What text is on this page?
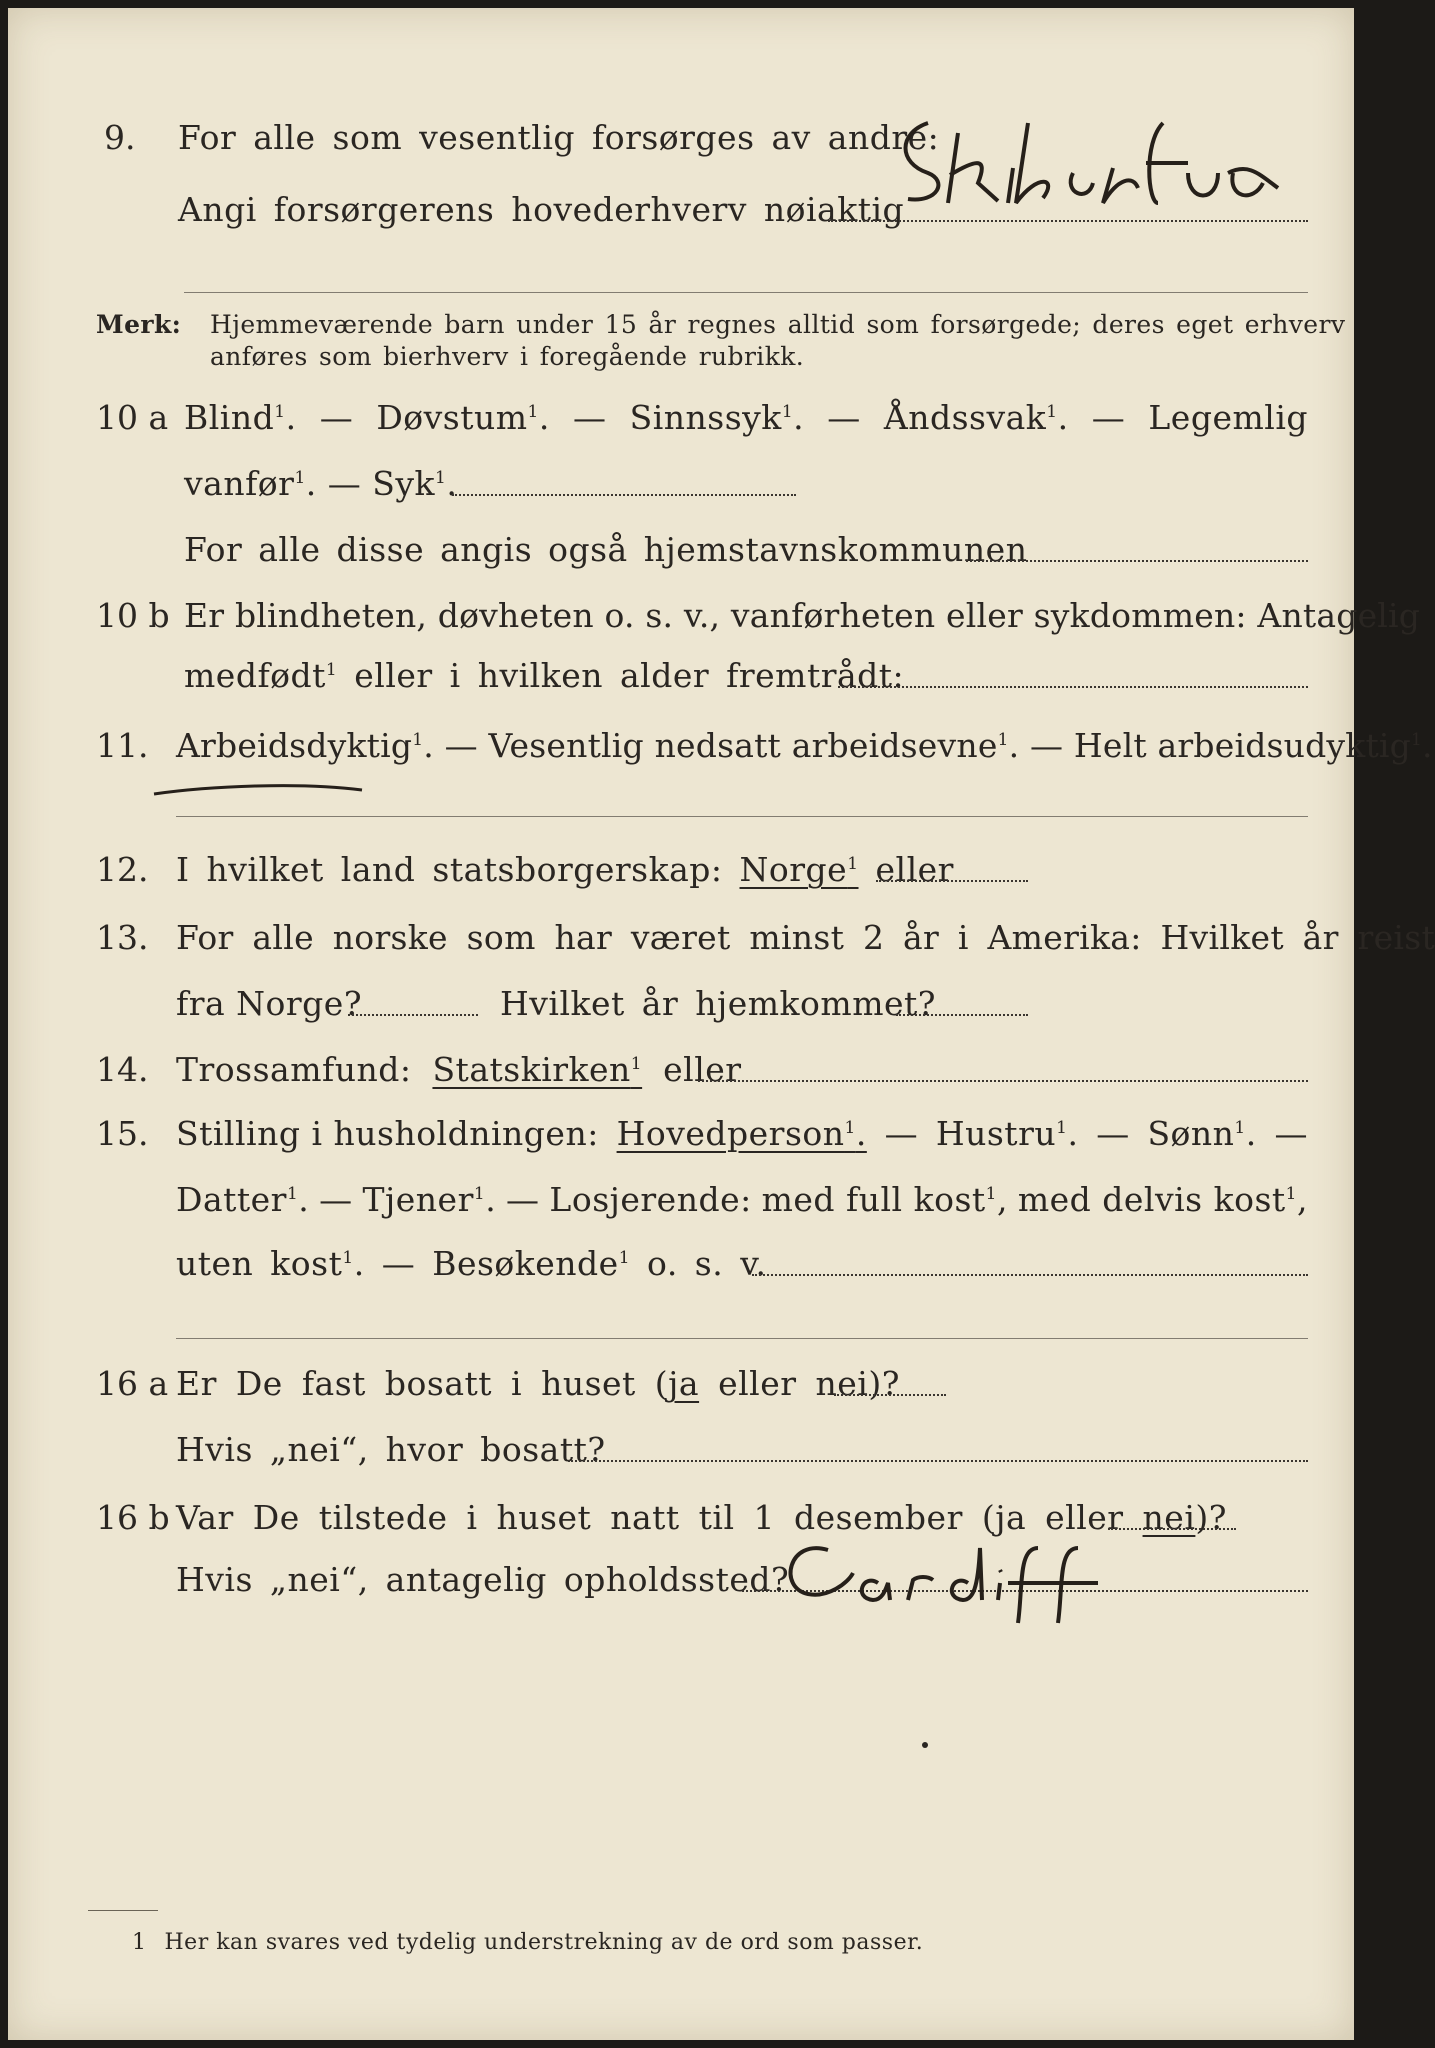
9. For alle som vesentlig forsørges av andre:
Angi forsørgerens hovederhverv nøiaktig	Skibsfører
Merk: Hjemmeværende barn under 15 år regnes alltid som forsørgede; deres eget erhverv
anføres som bierhverv i foregående rubrikk.
10 a Blind$^1$. — Døvstum$^1$. — Sinnssyk$^1$. — Åndssvak$^1$. — Legemlig
vanfør$^1$. — Syk$^1$.
For alle disse angis også hjemstavnskommunen
10 b Er blindheten, døvheten o. s. v., vanførheten eller sykdommen: Antagelig
medfødt$^1$ eller i hvilken alder fremtrådt:
11. Arbeidsdyktig$^1$. — Vesentlig nedsatt arbeidsevne$^1$. — Helt arbeidsudyktig$^1$.
12. I hvilket land statsborgerskap: Norge$^1$ eller
13. For alle norske som har været minst 2 år i Amerika: Hvilket år reist
fra Norge?	Hvilket år hjemkommet?
14. Trossamfund: Statskirken$^1$ eller
15. Stilling i husholdningen: Hovedperson$^1$. — Hustru$^1$. — Sønn$^1$. —
Datter$^1$. — Tjener$^1$. — Losjerende: med full kost$^1$, med delvis kost$^1$,
uten kost$^1$. — Besøkende$^1$ o. s. v.
16 a Er De fast bosatt i huset (ja eller nei)?
Hvis „nei“, hvor bosatt?
16 b Var De tilstede i huset natt til 1 desember (ja eller nei)?
Hvis „nei“, antagelig opholdssted?
Cardiff
1 Her kan svares ved tydelig understrekning av de ord som passer.
